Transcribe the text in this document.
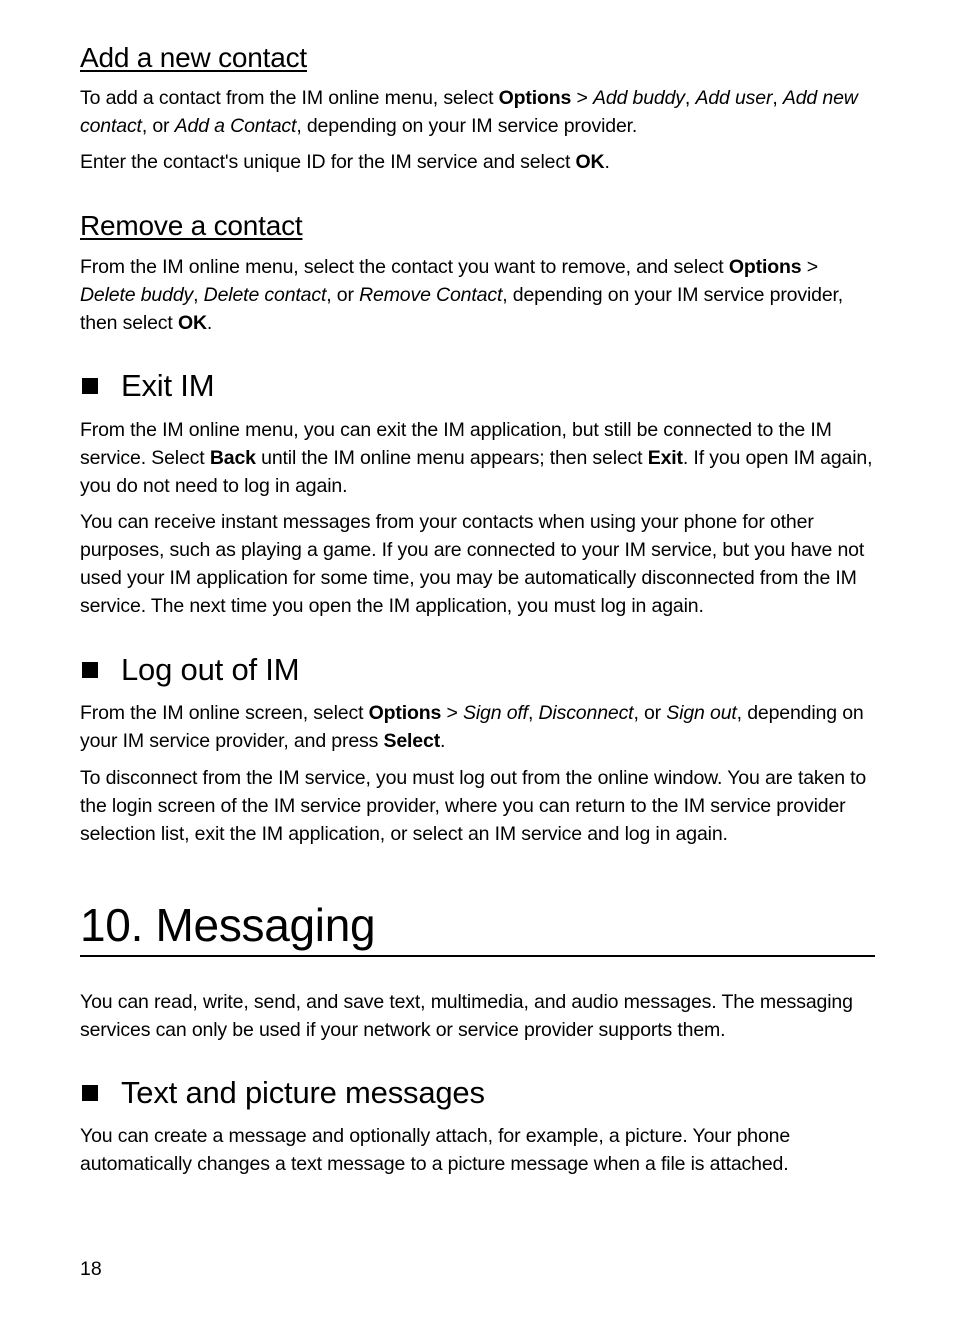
Add a new contact

To add a contact from the IM online menu, select Options > Add buddy, Add user, Add new contact, or Add a Contact, depending on your IM service provider.

Enter the contact's unique ID for the IM service and select OK.

Remove a contact

From the IM online menu, select the contact you want to remove, and select Options > Delete buddy, Delete contact, or Remove Contact, depending on your IM service provider, then select OK.

Exit IM

From the IM online menu, you can exit the IM application, but still be connected to the IM service. Select Back until the IM online menu appears; then select Exit. If you open IM again, you do not need to log in again.

You can receive instant messages from your contacts when using your phone for other purposes, such as playing a game. If you are connected to your IM service, but you have not used your IM application for some time, you may be automatically disconnected from the IM service. The next time you open the IM application, you must log in again.

Log out of IM

From the IM online screen, select Options > Sign off, Disconnect, or Sign out, depending on your IM service provider, and press Select.

To disconnect from the IM service, you must log out from the online window. You are taken to the login screen of the IM service provider, where you can return to the IM service provider selection list, exit the IM application, or select an IM service and log in again.

10. Messaging

You can read, write, send, and save text, multimedia, and audio messages. The messaging services can only be used if your network or service provider supports them.

Text and picture messages

You can create a message and optionally attach, for example, a picture. Your phone automatically changes a text message to a picture message when a file is attached.

18
